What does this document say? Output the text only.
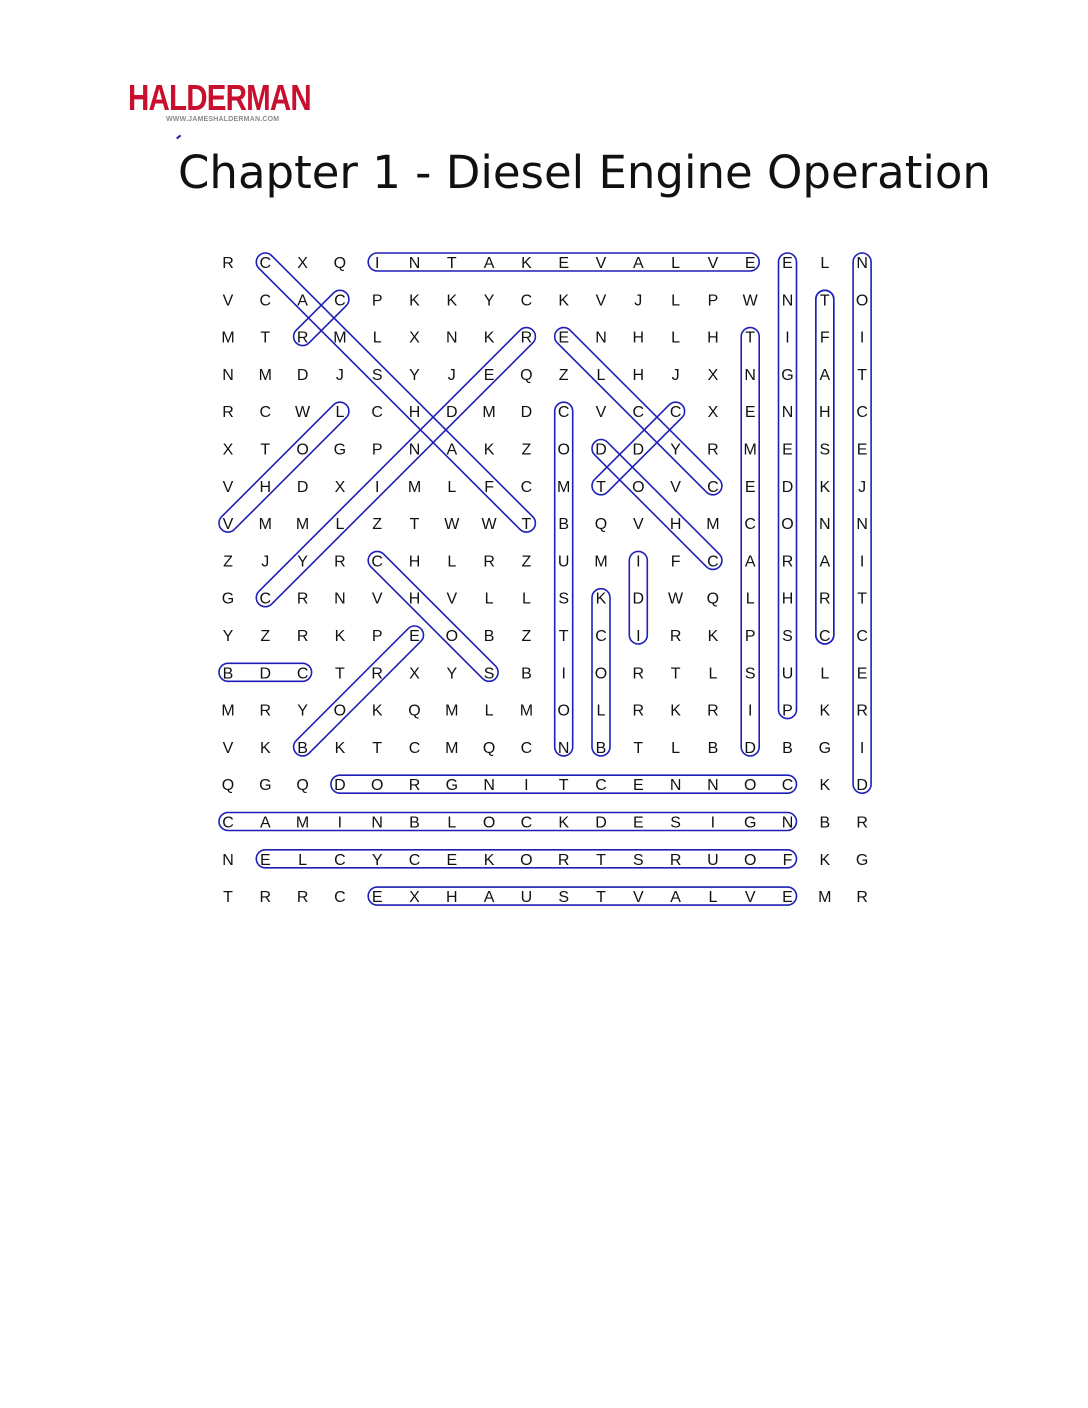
HALDERMAN
WWW.JAMESHALDERMAN.COM
Chapter 1 - Diesel Engine Operation
R C X Q I N T A K E V A L V E E L N
V C A C P K K Y C K V J L P W N T O
M T R M L X N K R E N H L H T I F I
N M D J S Y J E Q Z L H J X N G A T
R C W L C H D M D C V C C X E N H C
X T O G P N A K Z O D D Y R M E S E
V H D X I M L F C M T O V C E D K J
V M M L Z T W W T B Q V H M C O N N
Z J Y R C H L R Z U M I F C A R A I
G C R N V H V L L S K D W Q L H R T
Y Z R K P E O B Z T C I R K P S C C
B D C T R X Y S B I O R T L S U L E
M R Y O K Q M L M O L R K R I P K R
V K B K T C M Q C N B T L B D B G I
Q G Q D O R G N I T C E N N O C K D
C A M I N B L O C K D E S I G N B R
N E L C Y C E K O R T S R U O F K G
T R R C E X H A U S T V A L V E M R
